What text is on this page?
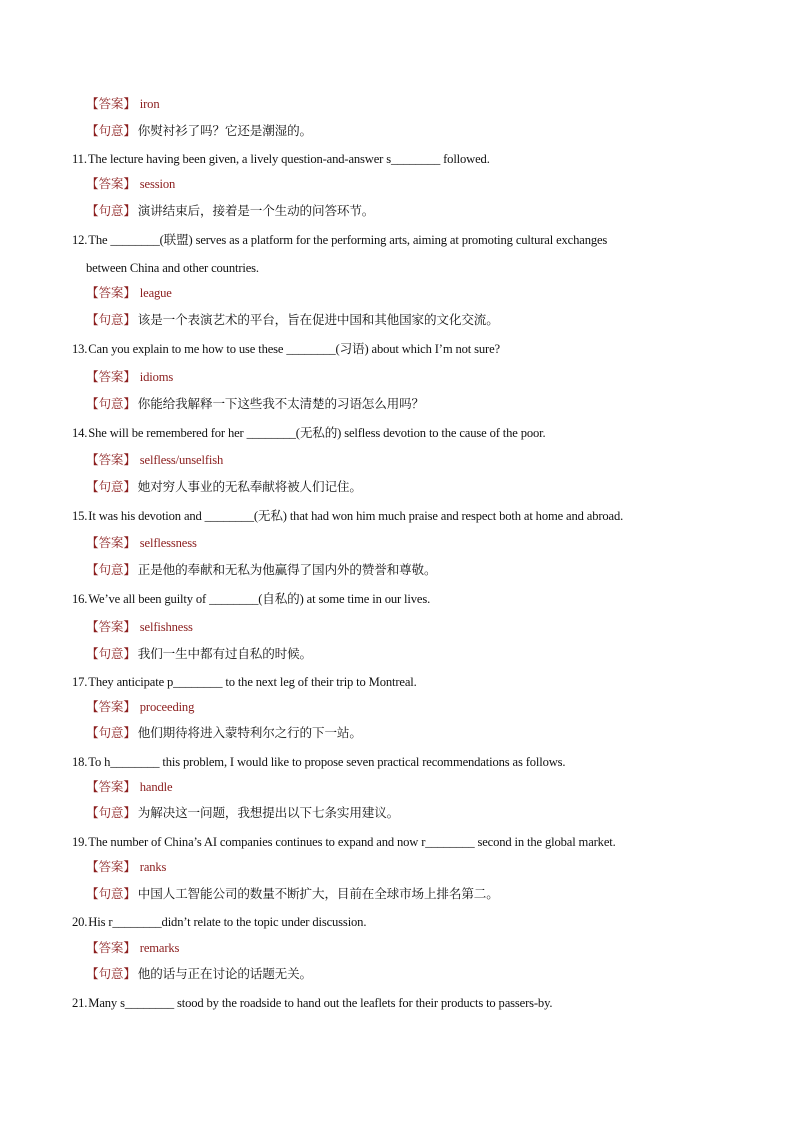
【答案】 iron
【句意】 你熨衬衫了吗？它还是潮湿的。
11.The lecture having been given, a lively question-and-answer s________ followed.
【答案】 session
【句意】 演讲结束后，接着是一个生动的问答环节。
12.The ________(联盟) serves as a platform for the performing arts, aiming at promoting cultural exchanges
between China and other countries.
【答案】 league
【句意】 该是一个表演艺术的平台，旨在促进中国和其他国家的文化交流。
13.Can you explain to me how to use these ________(习语) about which I’m not sure?
【答案】 idioms
【句意】 你能给我解释一下这些我不太清楚的习语怎么用吗？
14.She will be remembered for her ________(无私的) selfless devotion to the cause of the poor.
【答案】 selfless/unselfish
【句意】 她对穷人事业的无私奉献将被人们记住。
15.It was his devotion and ________(无私) that had won him much praise and respect both at home and abroad.
【答案】 selflessness
【句意】 正是他的奉献和无私为他赢得了国内外的赞誉和尊敬。
16.We’ve all been guilty of ________(自私的) at some time in our lives.
【答案】 selfishness
【句意】 我们一生中都有过自私的时候。
17.They anticipate p________ to the next leg of their trip to Montreal.
【答案】 proceeding
【句意】 他们期待将进入蒙特利尔之行的下一站。
18.To h________ this problem, I would like to propose seven practical recommendations as follows.
【答案】 handle
【句意】 为解决这一问题，我想提出以下七条实用建议。
19.The number of China’s AI companies continues to expand and now r________ second in the global market.
【答案】 ranks
【句意】 中国人工智能公司的数量不断扩大，目前在全球市场上排名第二。
20.His r________didn’t relate to the topic under discussion.
【答案】 remarks
【句意】 他的话与正在讨论的话题无关。
21.Many s________ stood by the roadside to hand out the leaflets for their products to passers-by.
